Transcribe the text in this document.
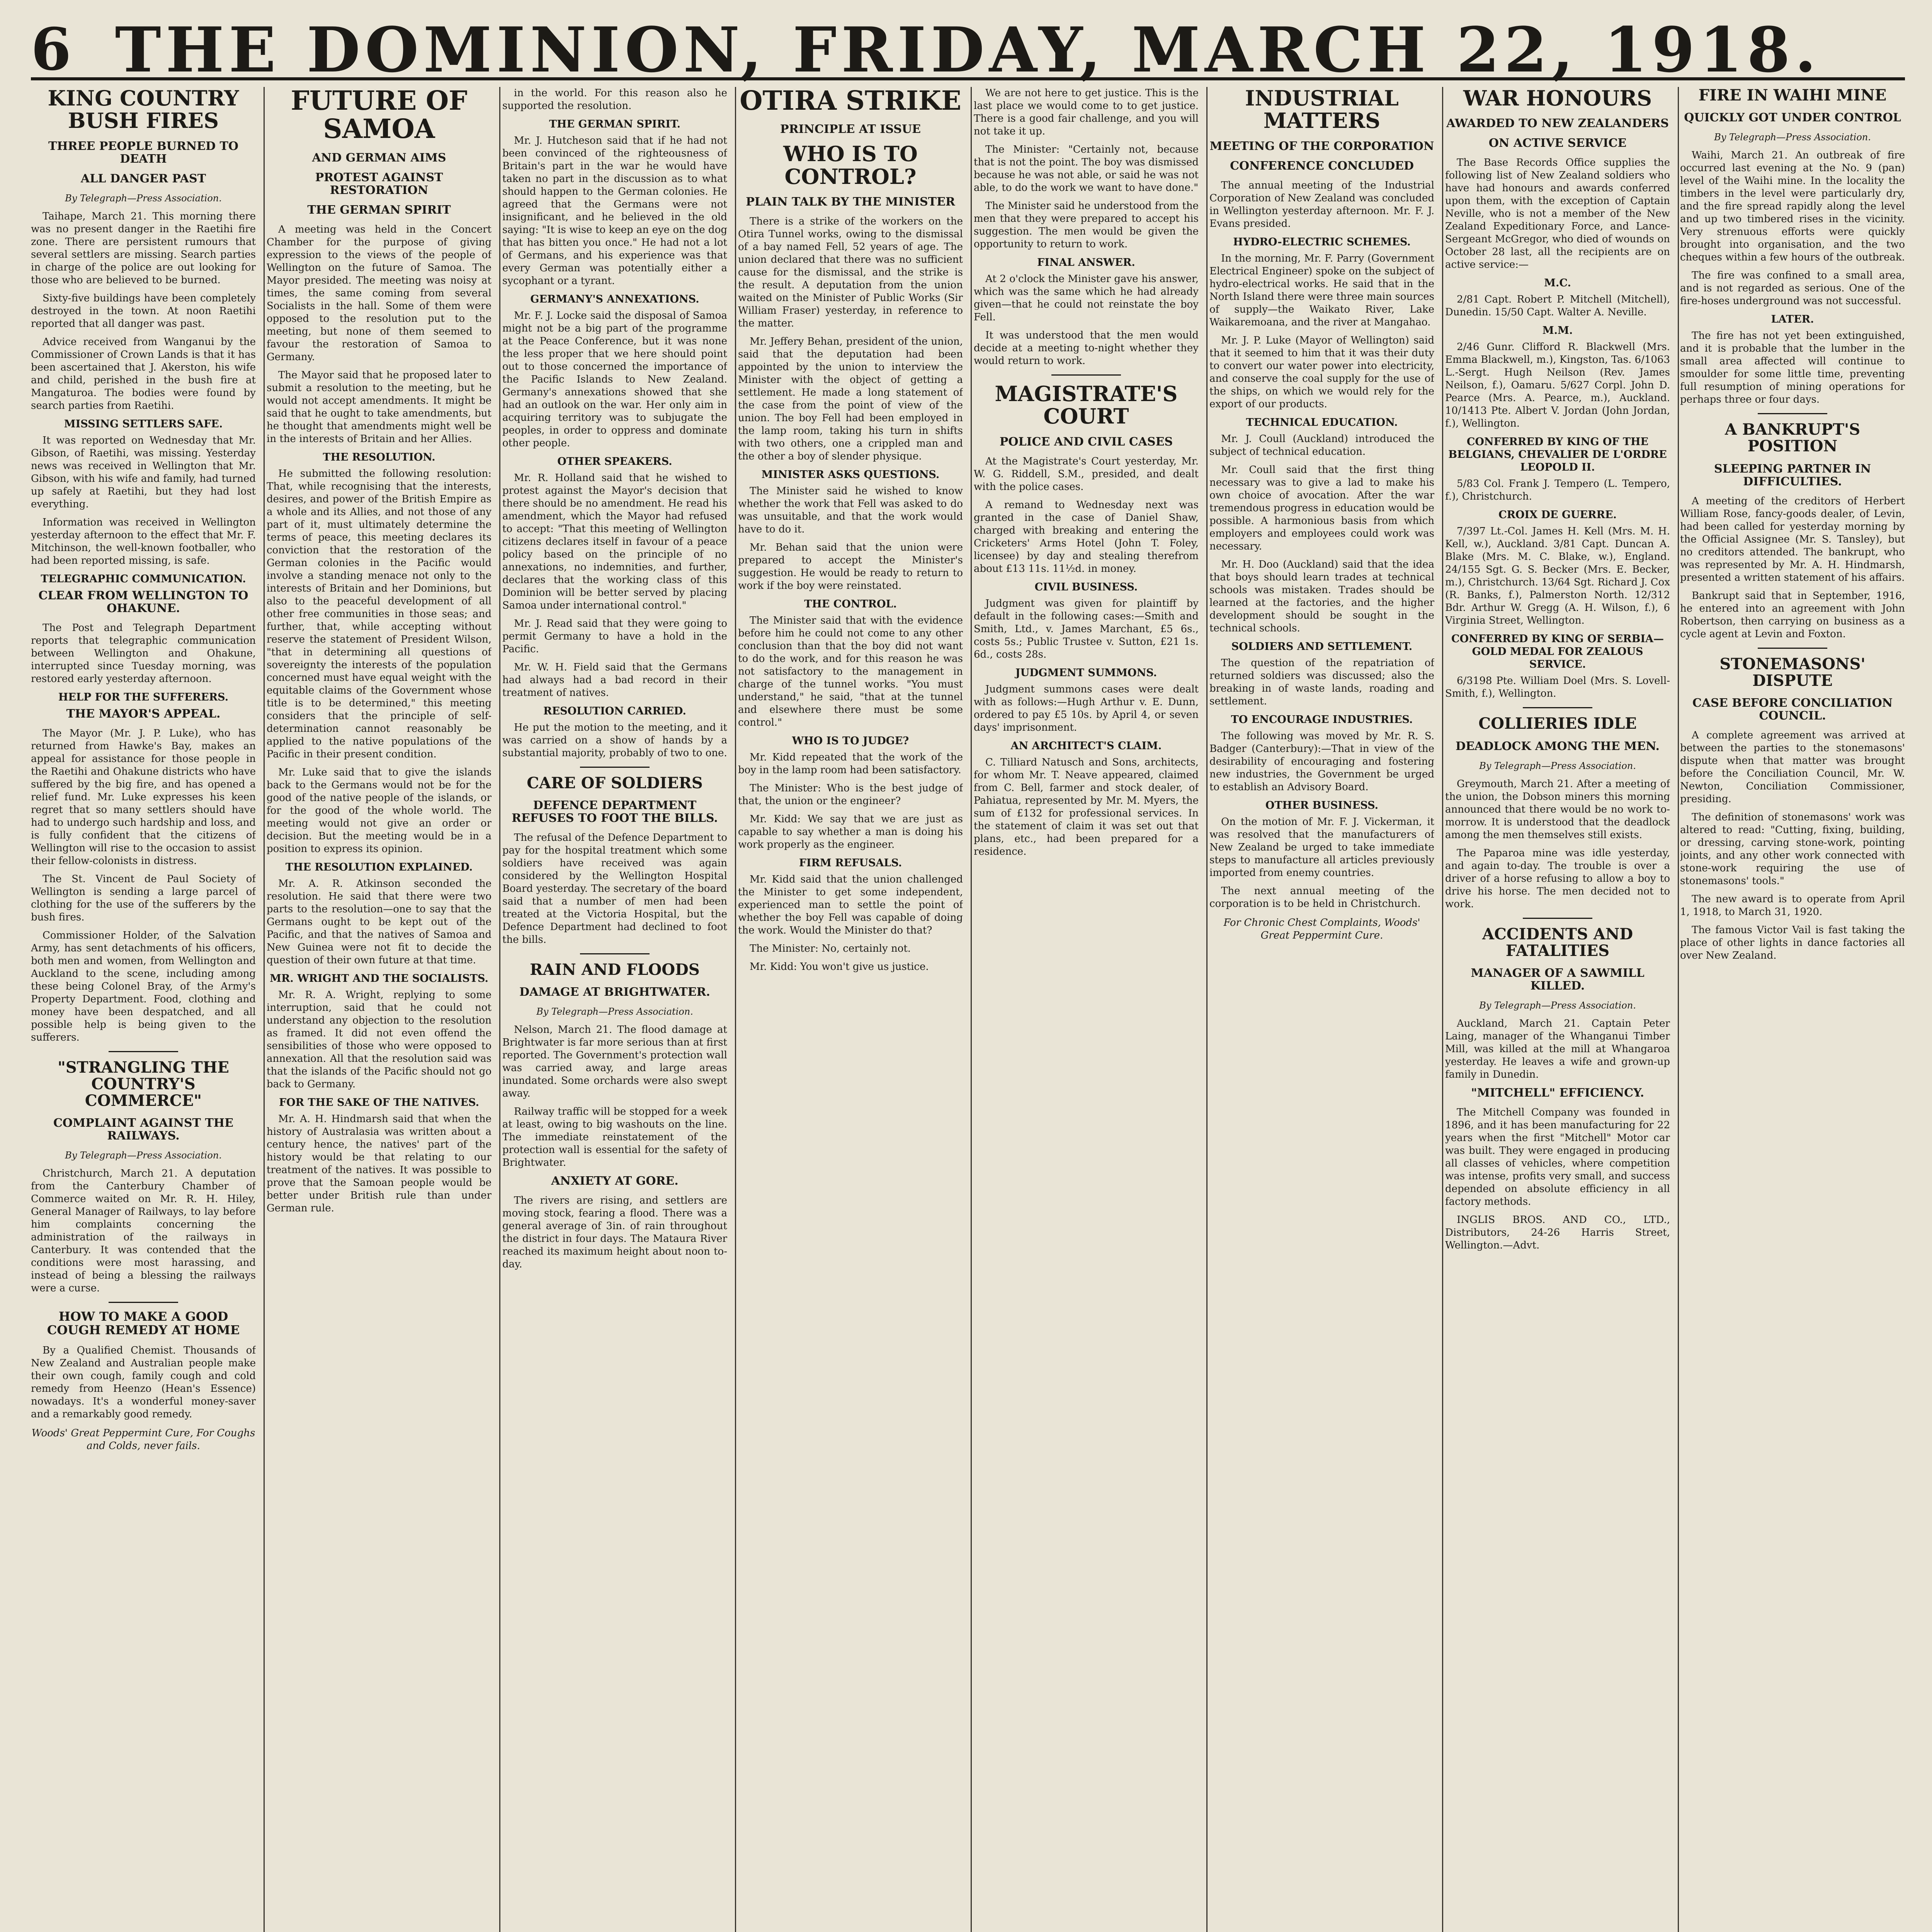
6 THE DOMINION, FRIDAY, MARCH 22, 1918.
KING COUNTRY BUSH FIRES
THREE PEOPLE BURNED TO DEATH
ALL DANGER PAST
By Telegraph—Press Association.

Taihape, March 21. This morning there was no present danger in the Raetihi fire zone. There are persistent rumours that several settlers are missing. Search parties in charge of the police are out looking for those who are believed to be burned.

Sixty-five buildings have been completely destroyed in the town. At noon Raetihi reported that all danger was past.

Advice received from Wanganui by the Commissioner of Crown Lands is that it has been ascertained that J. Akerston, his wife and child, perished in the bush fire at Mangaturoa. The bodies were found by search parties from Raetihi.

MISSING SETTLERS SAFE.

It was reported on Wednesday that Mr. Gibson, of Raetihi, was missing. Yesterday news was received in Wellington that Mr. Gibson, with his wife and family, had turned up safely at Raetihi, but they had lost everything.

Information was received in Wellington yesterday afternoon to the effect that Mr. F. Mitchinson, the well-known footballer, who had been reported missing, is safe.

TELEGRAPHIC COMMUNICATION.
CLEAR FROM WELLINGTON TO OHAKUNE.

The Post and Telegraph Department reports that telegraphic communication between Wellington and Ohakune, interrupted since Tuesday morning, was restored early yesterday afternoon.

HELP FOR THE SUFFERERS.
THE MAYOR'S APPEAL.

The Mayor (Mr. J. P. Luke), who has returned from Hawke's Bay, makes an appeal for assistance for those people in the Raetihi and Ohakune districts who have suffered by the big fire, and has opened a relief fund. Mr. Luke expresses his keen regret that so many settlers should have had to undergo such hardship and loss, and is fully confident that the citizens of Wellington will rise to the occasion to assist their fellow-colonists in distress.

The St. Vincent de Paul Society of Wellington is sending a large parcel of clothing for the use of the sufferers by the bush fires.

Commissioner Holder, of the Salvation Army, has sent detachments of his officers, both men and women, from Wellington and Auckland to the scene, including among these being Colonel Bray, of the Army's Property Department. Food, clothing and money have been despatched, and all possible help is being given to the sufferers.

"STRANGLING THE COUNTRY'S COMMERCE"
COMPLAINT AGAINST THE RAILWAYS.
By Telegraph—Press Association.

Christchurch, March 21. A deputation from the Canterbury Chamber of Commerce waited on Mr. R. H. Hiley, General Manager of Railways, to lay before him complaints concerning the administration of the railways in Canterbury. It was contended that the conditions were most harassing, and instead of being a blessing the railways were a curse.

HOW TO MAKE A GOOD COUGH REMEDY AT HOME

By a Qualified Chemist. Thousands of New Zealand and Australian people make their own cough, family cough and cold remedy from Heenzo (Hean's Essence) nowadays. It's a wonderful money-saver and a remarkably good remedy.

Woods' Great Peppermint Cure, For Coughs and Colds, never fails.
FUTURE OF SAMOA
AND GERMAN AIMS
PROTEST AGAINST RESTORATION
THE GERMAN SPIRIT

A meeting was held in the Concert Chamber for the purpose of giving expression to the views of the people of Wellington on the future of Samoa. The Mayor presided. The meeting was noisy at times, the same coming from several Socialists in the hall. Some of them were opposed to the resolution put to the meeting, but none of them seemed to favour the restoration of Samoa to Germany.

The Mayor said that he proposed later to submit a resolution to the meeting, but he would not accept amendments. It might be said that he ought to take amendments, but he thought that amendments might well be in the interests of Britain and her Allies.

THE RESOLUTION.

He submitted the following resolution: That, while recognising that the interests, desires, and power of the British Empire as a whole and its Allies, and not those of any part of it, must ultimately determine the terms of peace, this meeting declares its conviction that the restoration of the German colonies in the Pacific would involve a standing menace not only to the interests of Britain and her Dominions, but also to the peaceful development of all other free communities in those seas; and further, that, while accepting without reserve the statement of President Wilson, "that in determining all questions of sovereignty the interests of the population concerned must have equal weight with the equitable claims of the Government whose title is to be determined," this meeting considers that the principle of self-determination cannot reasonably be applied to the native populations of the Pacific in their present condition.

Mr. Luke said that to give the islands back to the Germans would not be for the good of the native people of the islands, or for the good of the whole world. The meeting would not give an order or decision. But the meeting would be in a position to express its opinion.

THE RESOLUTION EXPLAINED.

Mr. A. R. Atkinson seconded the resolution. He said that there were two parts to the resolution—one to say that the Germans ought to be kept out of the Pacific, and that the natives of Samoa and New Guinea were not fit to decide the question of their own future at that time.

MR. WRIGHT AND THE SOCIALISTS.

Mr. R. A. Wright, replying to some interruption, said that he could not understand any objection to the resolution as framed. It did not even offend the sensibilities of those who were opposed to annexation. All that the resolution said was that the islands of the Pacific should not go back to Germany.

FOR THE SAKE OF THE NATIVES.

Mr. A. H. Hindmarsh said that when the history of Australasia was written about a century hence, the natives' part of the history would be that relating to our treatment of the natives. It was possible to prove that the Samoan people would be better under British rule than under German rule.

in the world. For this reason also he supported the resolution.

THE GERMAN SPIRIT.

Mr. J. Hutcheson said that if he had not been convinced of the righteousness of Britain's part in the war he would have taken no part in the discussion as to what should happen to the German colonies. He agreed that the Germans were not insignificant, and he believed in the old saying: "It is wise to keep an eye on the dog that has bitten you once." He had not a lot of Germans, and his experience was that every German was potentially either a sycophant or a tyrant.

GERMANY'S ANNEXATIONS.

Mr. F. J. Locke said the disposal of Samoa might not be a big part of the programme at the Peace Conference, but it was none the less proper that we here should point out to those concerned the importance of the Pacific Islands to New Zealand. Germany's annexations showed that she had an outlook on the war. Her only aim in acquiring territory was to subjugate the peoples, in order to oppress and dominate other people.

OTHER SPEAKERS.

Mr. R. Holland said that he wished to protest against the Mayor's decision that there should be no amendment. He read his amendment, which the Mayor had refused to accept: "That this meeting of Wellington citizens declares itself in favour of a peace policy based on the principle of no annexations, no indemnities, and further, declares that the working class of this Dominion will be better served by placing Samoa under international control."

Mr. J. Read said that they were going to permit Germany to have a hold in the Pacific.

Mr. W. H. Field said that the Germans had always had a bad record in their treatment of natives.

RESOLUTION CARRIED.

He put the motion to the meeting, and it was carried on a show of hands by a substantial majority, probably of two to one.

CARE OF SOLDIERS
DEFENCE DEPARTMENT REFUSES TO FOOT THE BILLS.

The refusal of the Defence Department to pay for the hospital treatment which some soldiers have received was again considered by the Wellington Hospital Board yesterday. The secretary of the board said that a number of men had been treated at the Victoria Hospital, but the Defence Department had declined to foot the bills.

RAIN AND FLOODS
DAMAGE AT BRIGHTWATER.
By Telegraph—Press Association.

Nelson, March 21. The flood damage at Brightwater is far more serious than at first reported. The Government's protection wall was carried away, and large areas inundated. Some orchards were also swept away.

Railway traffic will be stopped for a week at least, owing to big washouts on the line. The immediate reinstatement of the protection wall is essential for the safety of Brightwater.

ANXIETY AT GORE.

The rivers are rising, and settlers are moving stock, fearing a flood. There was a general average of 3in. of rain throughout the district in four days. The Mataura River reached its maximum height about noon to-day.

OTIRA STRIKE
PRINCIPLE AT ISSUE
WHO IS TO CONTROL?
PLAIN TALK BY THE MINISTER

There is a strike of the workers on the Otira Tunnel works, owing to the dismissal of a bay named Fell, 52 years of age. The union declared that there was no sufficient cause for the dismissal, and the strike is the result. A deputation from the union waited on the Minister of Public Works (Sir William Fraser) yesterday, in reference to the matter.

Mr. Jeffery Behan, president of the union, said that the deputation had been appointed by the union to interview the Minister with the object of getting a settlement. He made a long statement of the case from the point of view of the union. The boy Fell had been employed in the lamp room, taking his turn in shifts with two others, one a crippled man and the other a boy of slender physique.

MINISTER ASKS QUESTIONS.

The Minister said he wished to know whether the work that Fell was asked to do was unsuitable, and that the work would have to do it.

Mr. Behan said that the union were prepared to accept the Minister's suggestion. He would be ready to return to work if the boy were reinstated.

THE CONTROL.

The Minister said that with the evidence before him he could not come to any other conclusion than that the boy did not want to do the work, and for this reason he was not satisfactory to the management in charge of the tunnel works. "You must understand," he said, "that at the tunnel and elsewhere there must be some control."

WHO IS TO JUDGE?

Mr. Kidd repeated that the work of the boy in the lamp room had been satisfactory.

The Minister: Who is the best judge of that, the union or the engineer?

Mr. Kidd: We say that we are just as capable to say whether a man is doing his work properly as the engineer.

FIRM REFUSALS.

Mr. Kidd said that the union challenged the Minister to get some independent, experienced man to settle the point of whether the boy Fell was capable of doing the work. Would the Minister do that?

The Minister: No, certainly not.

Mr. Kidd: You won't give us justice.

We are not here to get justice. This is the last place we would come to to get justice. There is a good fair challenge, and you will not take it up.

The Minister: "Certainly not, because that is not the point. The boy was dismissed because he was not able, or said he was not able, to do the work we want to have done."

The Minister said he understood from the men that they were prepared to accept his suggestion. The men would be given the opportunity to return to work.

FINAL ANSWER.

At 2 o'clock the Minister gave his answer, which was the same which he had already given—that he could not reinstate the boy Fell.

It was understood that the men would decide at a meeting to-night whether they would return to work.

MAGISTRATE'S COURT
POLICE AND CIVIL CASES

At the Magistrate's Court yesterday, Mr. W. G. Riddell, S.M., presided, and dealt with the police cases.

A remand to Wednesday next was granted in the case of Daniel Shaw, charged with breaking and entering the Cricketers' Arms Hotel (John T. Foley, licensee) by day and stealing therefrom about £13 11s. 11½d. in money.

CIVIL BUSINESS.

Judgment was given for plaintiff by default in the following cases:—Smith and Smith, Ltd., v. James Marchant, £5 6s., costs 5s.; Public Trustee v. Sutton, £21 1s. 6d., costs 28s.

JUDGMENT SUMMONS.

Judgment summons cases were dealt with as follows:—Hugh Arthur v. E. Dunn, ordered to pay £5 10s. by April 4, or seven days' imprisonment.

AN ARCHITECT'S CLAIM.

C. Tilliard Natusch and Sons, architects, for whom Mr. T. Neave appeared, claimed from C. Bell, farmer and stock dealer, of Pahiatua, represented by Mr. M. Myers, the sum of £132 for professional services. In the statement of claim it was set out that plans, etc., had been prepared for a residence.

INDUSTRIAL MATTERS
MEETING OF THE CORPORATION
CONFERENCE CONCLUDED

The annual meeting of the Industrial Corporation of New Zealand was concluded in Wellington yesterday afternoon. Mr. F. J. Evans presided.

HYDRO-ELECTRIC SCHEMES.

In the morning, Mr. F. Parry (Government Electrical Engineer) spoke on the subject of hydro-electrical works. He said that in the North Island there were three main sources of supply—the Waikato River, Lake Waikaremoana, and the river at Mangahao.

Mr. J. P. Luke (Mayor of Wellington) said that it seemed to him that it was their duty to convert our water power into electricity, and conserve the coal supply for the use of the ships, on which we would rely for the export of our products.

TECHNICAL EDUCATION.

Mr. J. Coull (Auckland) introduced the subject of technical education.

Mr. Coull said that the first thing necessary was to give a lad to make his own choice of avocation. After the war tremendous progress in education would be possible. A harmonious basis from which employers and employees could work was necessary.

Mr. H. Doo (Auckland) said that the idea that boys should learn trades at technical schools was mistaken. Trades should be learned at the factories, and the higher development should be sought in the technical schools.

SOLDIERS AND SETTLEMENT.

The question of the repatriation of returned soldiers was discussed; also the breaking in of waste lands, roading and settlement.

TO ENCOURAGE INDUSTRIES.

The following was moved by Mr. R. S. Badger (Canterbury):—That in view of the desirability of encouraging and fostering new industries, the Government be urged to establish an Advisory Board.

OTHER BUSINESS.

On the motion of Mr. F. J. Vickerman, it was resolved that the manufacturers of New Zealand be urged to take immediate steps to manufacture all articles previously imported from enemy countries.

The next annual meeting of the corporation is to be held in Christchurch.

For Chronic Chest Complaints, Woods' Great Peppermint Cure.
WAR HONOURS
AWARDED TO NEW ZEALANDERS
ON ACTIVE SERVICE

The Base Records Office supplies the following list of New Zealand soldiers who have had honours and awards conferred upon them, with the exception of Captain Neville, who is not a member of the New Zealand Expeditionary Force, and Lance-Sergeant McGregor, who died of wounds on October 28 last, all the recipients are on active service:—

M.C.

2/81 Capt. Robert P. Mitchell (Mitchell), Dunedin. 15/50 Capt. Walter A. Neville.

M.M.

2/46 Gunr. Clifford R. Blackwell (Mrs. Emma Blackwell, m.), Kingston, Tas. 6/1063 L.-Sergt. Hugh Neilson (Rev. James Neilson, f.), Oamaru. 5/627 Corpl. John D. Pearce (Mrs. A. Pearce, m.), Auckland. 10/1413 Pte. Albert V. Jordan (John Jordan, f.), Wellington.

CONFERRED BY KING OF THE BELGIANS, CHEVALIER DE L'ORDRE LEOPOLD II.

5/83 Col. Frank J. Tempero (L. Tempero, f.), Christchurch.

CROIX DE GUERRE.

7/397 Lt.-Col. James H. Kell (Mrs. M. H. Kell, w.), Auckland. 3/81 Capt. Duncan A. Blake (Mrs. M. C. Blake, w.), England. 24/155 Sgt. G. S. Becker (Mrs. E. Becker, m.), Christchurch. 13/64 Sgt. Richard J. Cox (R. Banks, f.), Palmerston North. 12/312 Bdr. Arthur W. Gregg (A. H. Wilson, f.), 6 Virginia Street, Wellington.

CONFERRED BY KING OF SERBIA—GOLD MEDAL FOR ZEALOUS SERVICE.

6/3198 Pte. William Doel (Mrs. S. Lovell-Smith, f.), Wellington.

COLLIERIES IDLE
DEADLOCK AMONG THE MEN.
By Telegraph—Press Association.

Greymouth, March 21. After a meeting of the union, the Dobson miners this morning announced that there would be no work to-morrow. It is understood that the deadlock among the men themselves still exists.

The Paparoa mine was idle yesterday, and again to-day. The trouble is over a driver of a horse refusing to allow a boy to drive his horse. The men decided not to work.

ACCIDENTS AND FATALITIES
MANAGER OF A SAWMILL KILLED.
By Telegraph—Press Association.

Auckland, March 21. Captain Peter Laing, manager of the Whanganui Timber Mill, was killed at the mill at Whangaroa yesterday. He leaves a wife and grown-up family in Dunedin.

"MITCHELL" EFFICIENCY.

The Mitchell Company was founded in 1896, and it has been manufacturing for 22 years when the first "Mitchell" Motor car was built. They were engaged in producing all classes of vehicles, where competition was intense, profits very small, and success depended on absolute efficiency in all factory methods.

INGLIS BROS. AND CO., LTD., Distributors, 24-26 Harris Street, Wellington.—Advt.

FIRE IN WAIHI MINE
QUICKLY GOT UNDER CONTROL
By Telegraph—Press Association.

Waihi, March 21. An outbreak of fire occurred last evening at the No. 9 (pan) level of the Waihi mine. In the locality the timbers in the level were particularly dry, and the fire spread rapidly along the level and up two timbered rises in the vicinity. Very strenuous efforts were quickly brought into organisation, and the two cheques within a few hours of the outbreak.

The fire was confined to a small area, and is not regarded as serious. One of the fire-hoses underground was not successful.

LATER.

The fire has not yet been extinguished, and it is probable that the lumber in the small area affected will continue to smoulder for some little time, preventing full resumption of mining operations for perhaps three or four days.

A BANKRUPT'S POSITION
SLEEPING PARTNER IN DIFFICULTIES.

A meeting of the creditors of Herbert William Rose, fancy-goods dealer, of Levin, had been called for yesterday morning by the Official Assignee (Mr. S. Tansley), but no creditors attended. The bankrupt, who was represented by Mr. A. H. Hindmarsh, presented a written statement of his affairs.

Bankrupt said that in September, 1916, he entered into an agreement with John Robertson, then carrying on business as a cycle agent at Levin and Foxton.

STONEMASONS' DISPUTE
CASE BEFORE CONCILIATION COUNCIL.

A complete agreement was arrived at between the parties to the stonemasons' dispute when that matter was brought before the Conciliation Council, Mr. W. Newton, Conciliation Commissioner, presiding.

The definition of stonemasons' work was altered to read: "Cutting, fixing, building, or dressing, carving stone-work, pointing joints, and any other work connected with stone-work requiring the use of stonemasons' tools."

The new award is to operate from April 1, 1918, to March 31, 1920.

The famous Victor Vail is fast taking the place of other lights in dance factories all over New Zealand.
